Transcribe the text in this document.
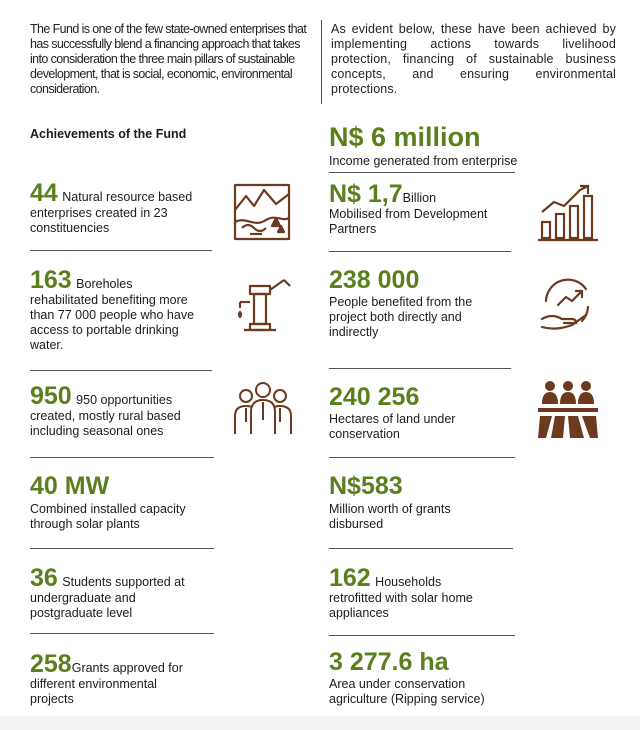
The Fund is one of the few state-owned enterprises that has successfully blend a financing approach that takes into consideration the three main pillars of sustainable development, that is social, economic, environmental consideration.
As evident below, these have been achieved by implementing actions towards livelihood protection, financing of sustainable business concepts, and ensuring environmental protections.
Achievements of the Fund
44 Natural resource based
enterprises created in 23 constituencies
163 Boreholes
rehabilitated benefiting more than 77 000 people who have access to portable drinking water.
950 950 opportunities
created, mostly rural based including seasonal ones
40 MW
Combined installed capacity through solar plants
36 Students supported at
undergraduate and postgraduate level
258Grants approved for
different environmental projects
N$ 6 million
Income generated from enterprise
N$ 1,7Billion
Mobilised from Development Partners
238 000
People benefited from the project both directly and indirectly
240 256
Hectares of land under conservation
N$583
Million worth of grants disbursed
162 Households
retrofitted with solar home appliances
3 277.6 ha
Area under conservation agriculture (Ripping service)
